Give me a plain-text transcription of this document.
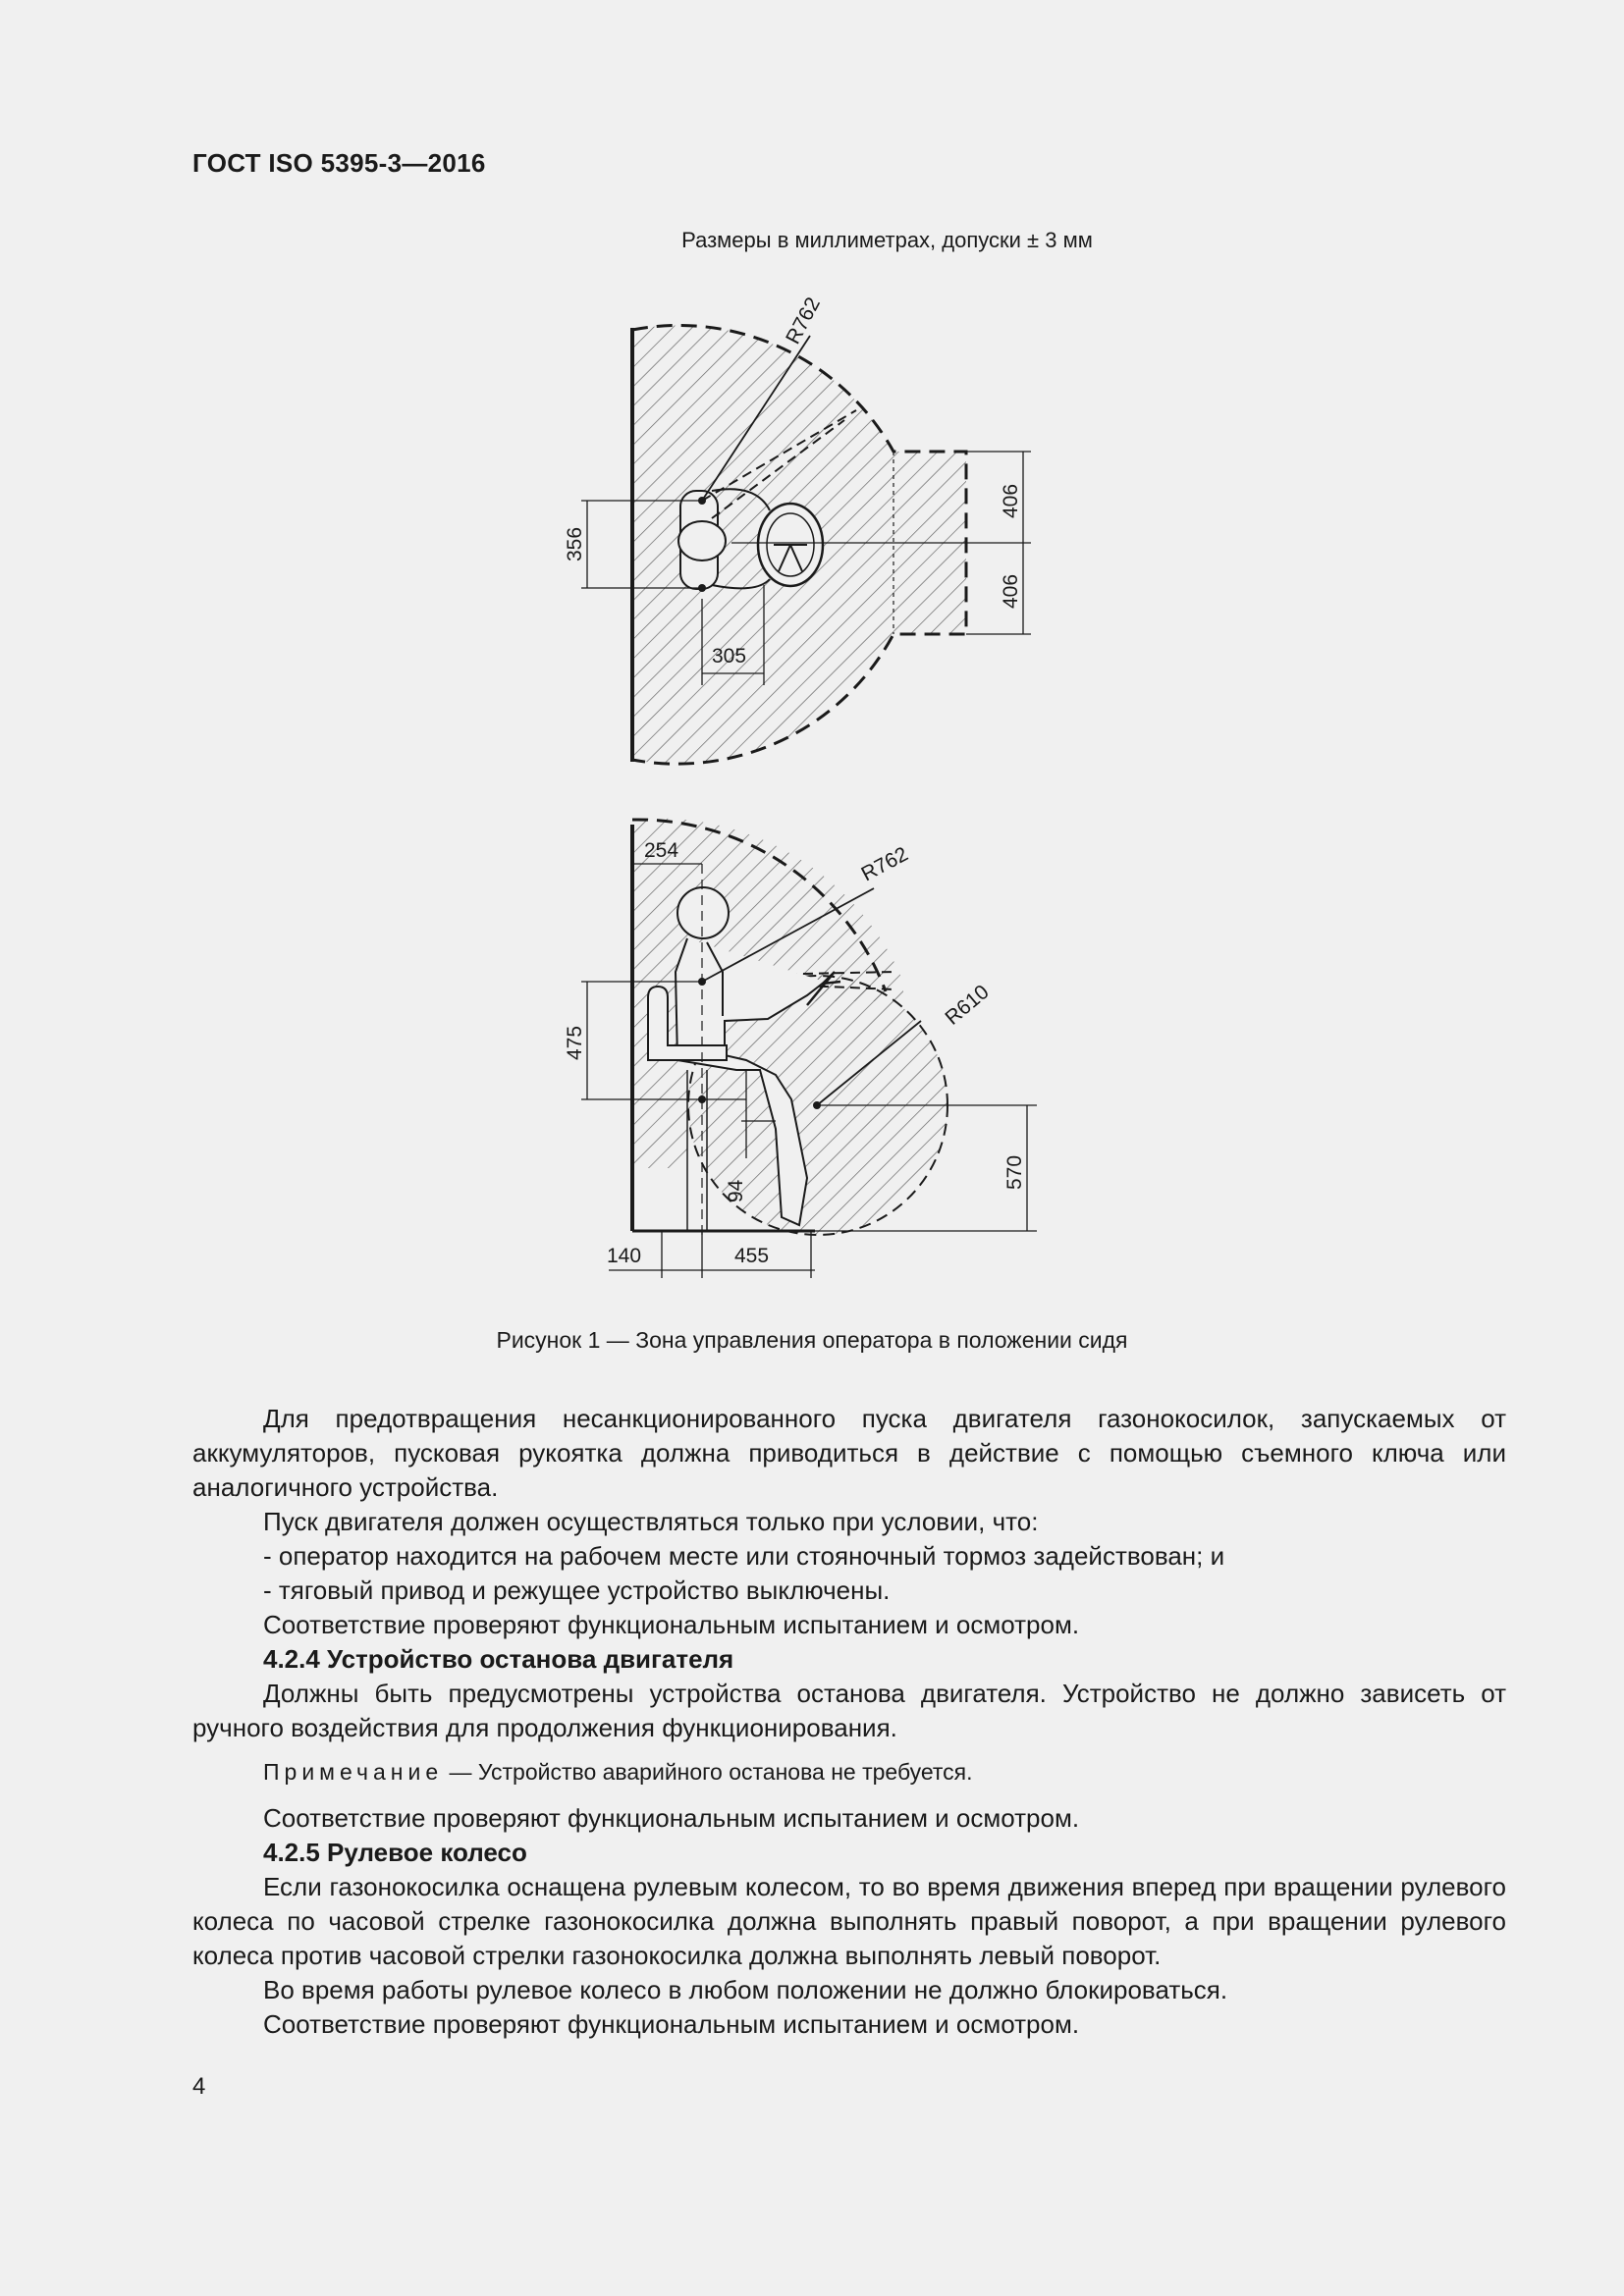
ГОСТ ISO 5395-3—2016
Размеры в миллиметрах, допуски ± 3 мм
356
305
406
406
R762
254	R762
R610
475
94
570
140	455
Рисунок 1 — Зона управления оператора в положении сидя

Для предотвращения несанкционированного пуска двигателя газонокосилок, запускаемых от аккумуляторов, пусковая рукоятка должна приводиться в действие с помощью съемного ключа или аналогичного устройства.

Пуск двигателя должен осуществляться только при условии, что:

- оператор находится на рабочем месте или стояночный тормоз задействован; и

- тяговый привод и режущее устройство выключены.

Соответствие проверяют функциональным испытанием и осмотром.

4.2.4 Устройство останова двигателя

Должны быть предусмотрены устройства останова двигателя. Устройство не должно зависеть от ручного воздействия для продолжения функционирования.

Примечание — Устройство аварийного останова не требуется.

Соответствие проверяют функциональным испытанием и осмотром.

4.2.5 Рулевое колесо

Если газонокосилка оснащена рулевым колесом, то во время движения вперед при вращении рулевого колеса по часовой стрелке газонокосилка должна выполнять правый поворот, а при вращении рулевого колеса против часовой стрелки газонокосилка должна выполнять левый поворот.

Во время работы рулевое колесо в любом положении не должно блокироваться.

Соответствие проверяют функциональным испытанием и осмотром.

4
